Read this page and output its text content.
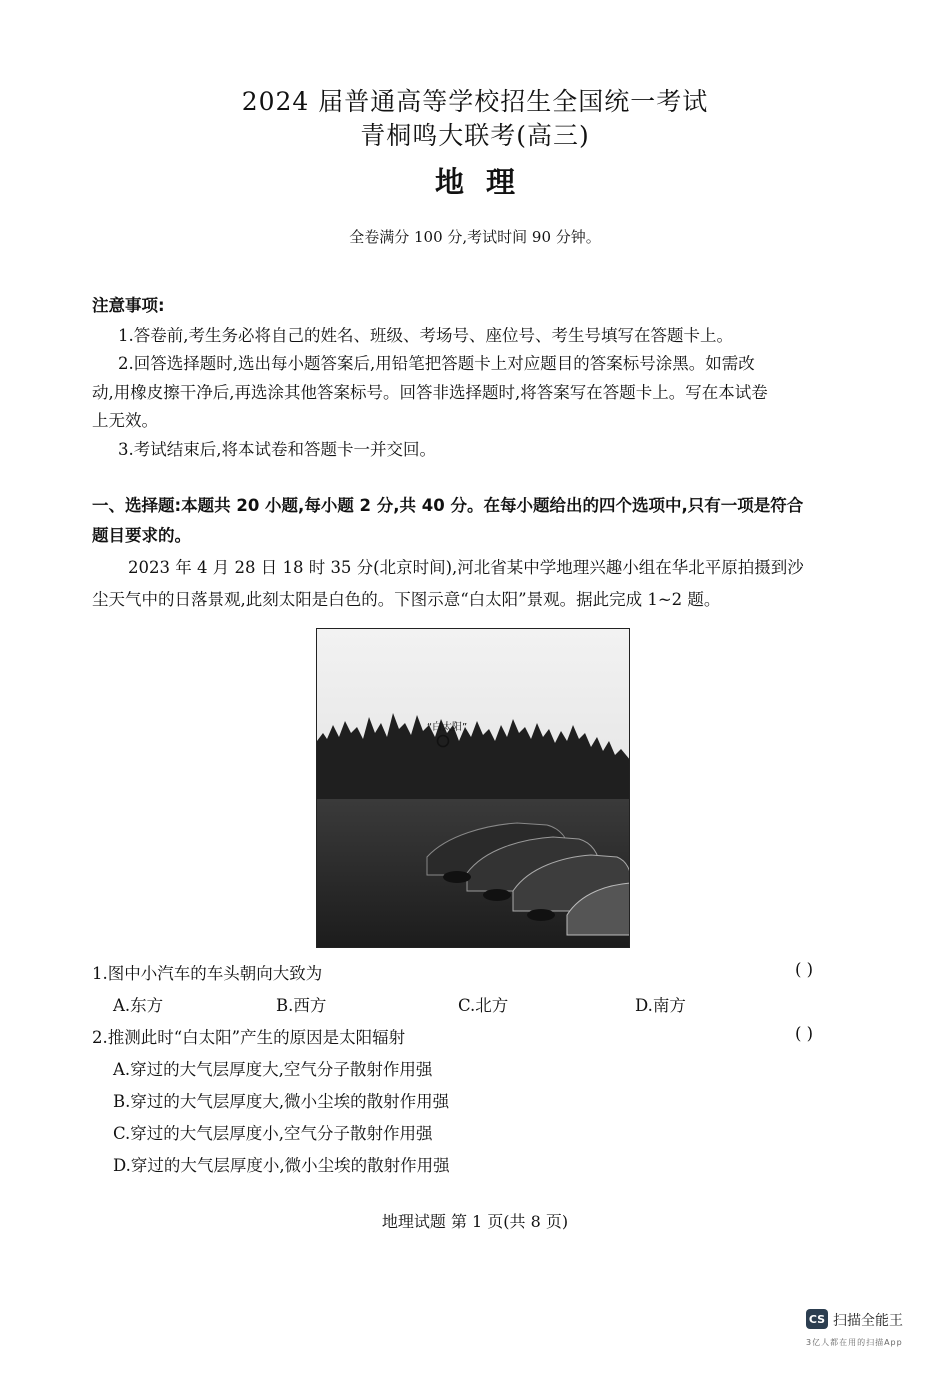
2024 届普通高等学校招生全国统一考试
青桐鸣大联考(高三)
地理
全卷满分 100 分,考试时间 90 分钟。
注意事项:
1.答卷前,考生务必将自己的姓名、班级、考场号、座位号、考生号填写在答题卡上。
2.回答选择题时,选出每小题答案后,用铅笔把答题卡上对应题目的答案标号涂黑。如需改
动,用橡皮擦干净后,再选涂其他答案标号。回答非选择题时,将答案写在答题卡上。写在本试卷
上无效。
3.考试结束后,将本试卷和答题卡一并交回。
一、选择题:本题共 20 小题,每小题 2 分,共 40 分。在每小题给出的四个选项中,只有一项是符合
题目要求的。
2023 年 4 月 28 日 18 时 35 分(北京时间),河北省某中学地理兴趣小组在华北平原拍摄到沙
尘天气中的日落景观,此刻太阳是白色的。下图示意“白太阳”景观。据此完成 1~2 题。
“白太阳”
1.图中小汽车的车头朝向大致为	( )
A.东方	B.西方	C.北方	D.南方
2.推测此时“白太阳”产生的原因是太阳辐射	( )
A.穿过的大气层厚度大,空气分子散射作用强
B.穿过的大气层厚度大,微小尘埃的散射作用强
C.穿过的大气层厚度小,空气分子散射作用强
D.穿过的大气层厚度小,微小尘埃的散射作用强
地理试题 第 1 页(共 8 页)
CS 扫描全能王
3亿人都在用的扫描App
